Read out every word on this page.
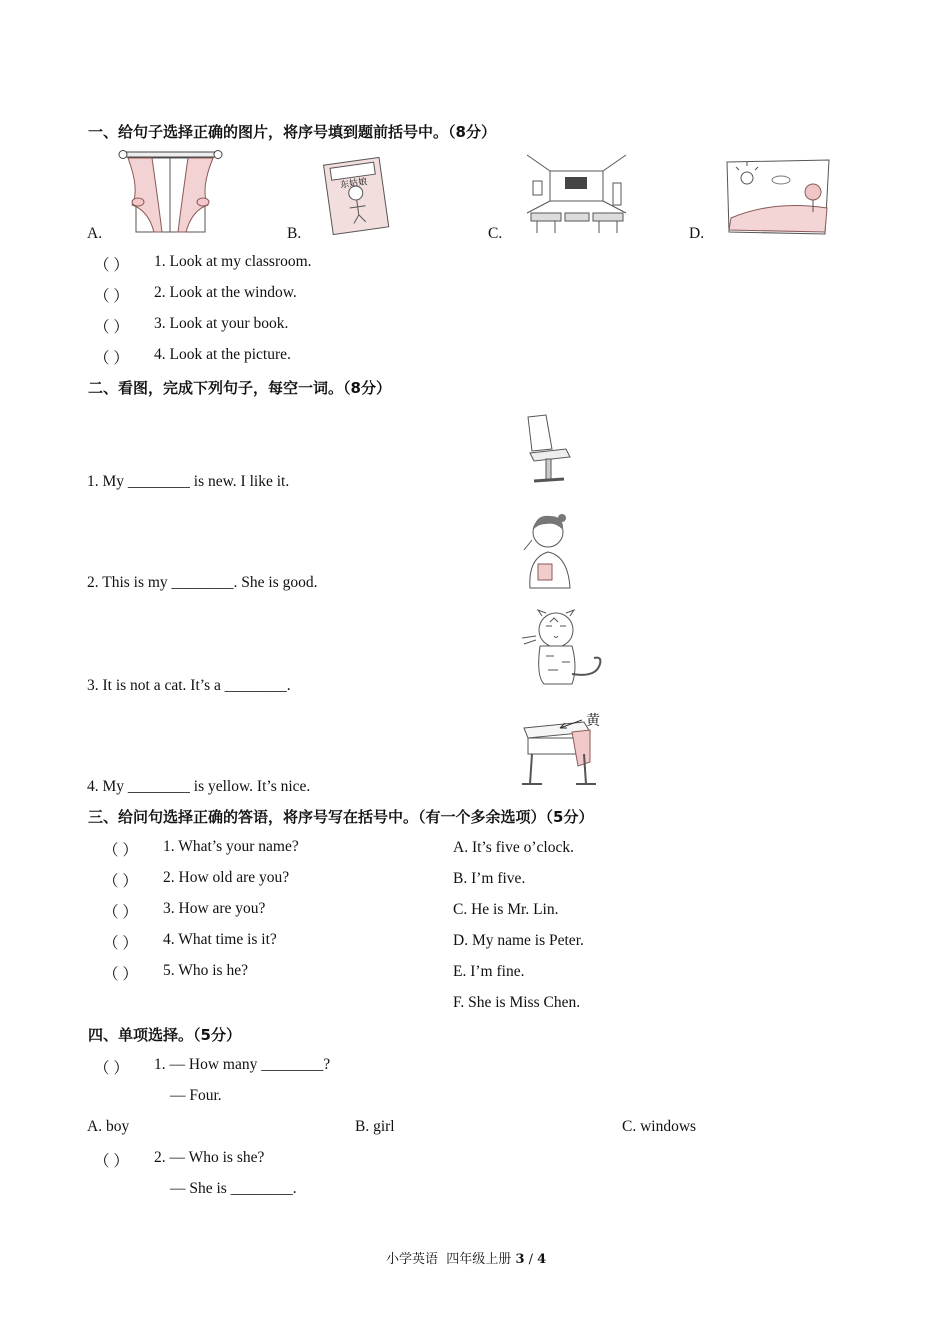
一、给句子选择正确的图片，将序号填到题前括号中。（8分）
A.	B.
东姑娘
C.	D.
（ ） 1. Look at my classroom.
（ ） 2. Look at the window.
（ ） 3. Look at your book.
（ ） 4. Look at the picture.
二、看图，完成下列句子，每空一词。（8分）
1. My ________ is new. I like it.
2. This is my ________. She is good.
3. It is not a cat. It’s a ________.
黄
4. My ________ is yellow. It’s nice.
三、给问句选择正确的答语，将序号写在括号中。（有一个多余选项）（5分）
（ ） 1. What’s your name?
（ ） 2. How old are you?
（ ） 3. How are you?
（ ） 4. What time is it?
（ ） 5. Who is he?
A. It’s five o’clock.
B. I’m five.
C. He is Mr. Lin.
D. My name is Peter.
E. I’m fine.
F. She is Miss Chen.
四、单项选择。（5分）
（ ） 1. — How many ________?
— Four.
A. boy	B. girl	C. windows
（ ） 2. — Who is she?
— She is ________.
小学英语 四年级上册 3 / 4
